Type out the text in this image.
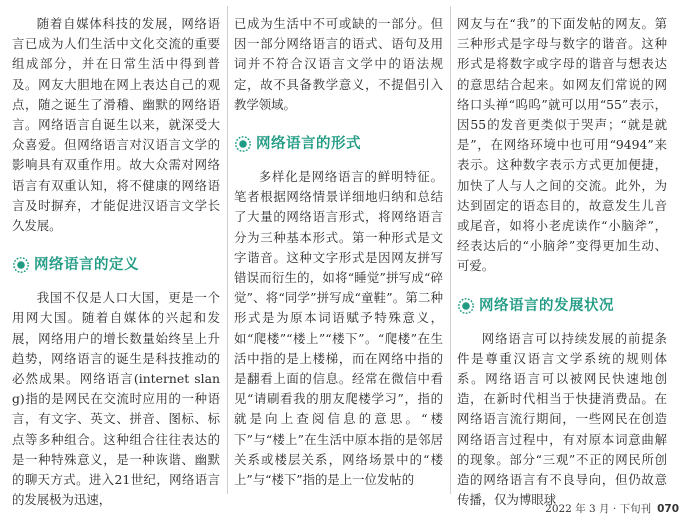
随着自媒体科技的发展，网络语言已成为人们生活中文化交流的重要组成部分，并在日常生活中得到普及。网友大胆地在网上表达自己的观点，随之诞生了滑稽、幽默的网络语言。网络语言自诞生以来，就深受大众喜爱。但网络语言对汉语言文学的影响具有双重作用。故大众需对网络语言有双重认知，将不健康的网络语言及时摒弃，才能促进汉语言文学长久发展。

网络语言的定义

我国不仅是人口大国，更是一个用网大国。随着自媒体的兴起和发展，网络用户的增长数量始终呈上升趋势，网络语言的诞生是科技推动的必然成果。网络语言(internet slang)指的是网民在交流时应用的一种语言，有文字、英文、拼音、图标、标点等多种组合。这种组合往往表达的是一种特殊意义，是一种诙谐、幽默的聊天方式。进入21世纪，网络语言的发展极为迅速，

已成为生活中不可或缺的一部分。但因一部分网络语言的语式、语句及用词并不符合汉语言文学中的语法规定，故不具备教学意义，不提倡引入教学领域。

网络语言的形式

多样化是网络语言的鲜明特征。笔者根据网络情景详细地归纳和总结了大量的网络语言形式，将网络语言分为三种基本形式。第一种形式是文字谐音。这种文字形式是因网友拼写错误而衍生的，如将“睡觉”拼写成“碎觉”、将“同学”拼写成“童鞋”。第二种形式是为原本词语赋予特殊意义，如“爬楼”“楼上”“楼下”。“爬楼”在生活中指的是上楼梯，而在网络中指的是翻看上面的信息。经常在微信中看见“请刷看我的朋友爬楼学习”，指的就是向上查阅信息的意思。“楼下”与“楼上”在生活中原本指的是邻居关系或楼层关系，网络场景中的“楼上”与“楼下”指的是上一位发帖的

网友与在“我”的下面发帖的网友。第三种形式是字母与数字的谐音。这种形式是将数字或字母的谐音与想表达的意思结合起来。如网友们常说的网络口头禅“呜呜”就可以用“55”表示，因55的发音更类似于哭声；“就是就是”，在网络环境中也可用“9494”来表示。这种数字表示方式更加便捷，加快了人与人之间的交流。此外，为达到固定的语态目的，故意发生儿音或尾音，如将小老虎读作“小脑斧”，经表达后的“小脑斧”变得更加生动、可爱。

网络语言的发展状况

网络语言可以持续发展的前提条件是尊重汉语言文学系统的规则体系。网络语言可以被网民快速地创造，在新时代相当于快捷消费品。在网络语言流行期间，一些网民在创造网络语言过程中，有对原本词意曲解的现象。部分“三观”不正的网民所创造的网络语言有不良导向，但仍故意传播，仅为博眼球

2022 年 3 月 · 下旬刊 070
